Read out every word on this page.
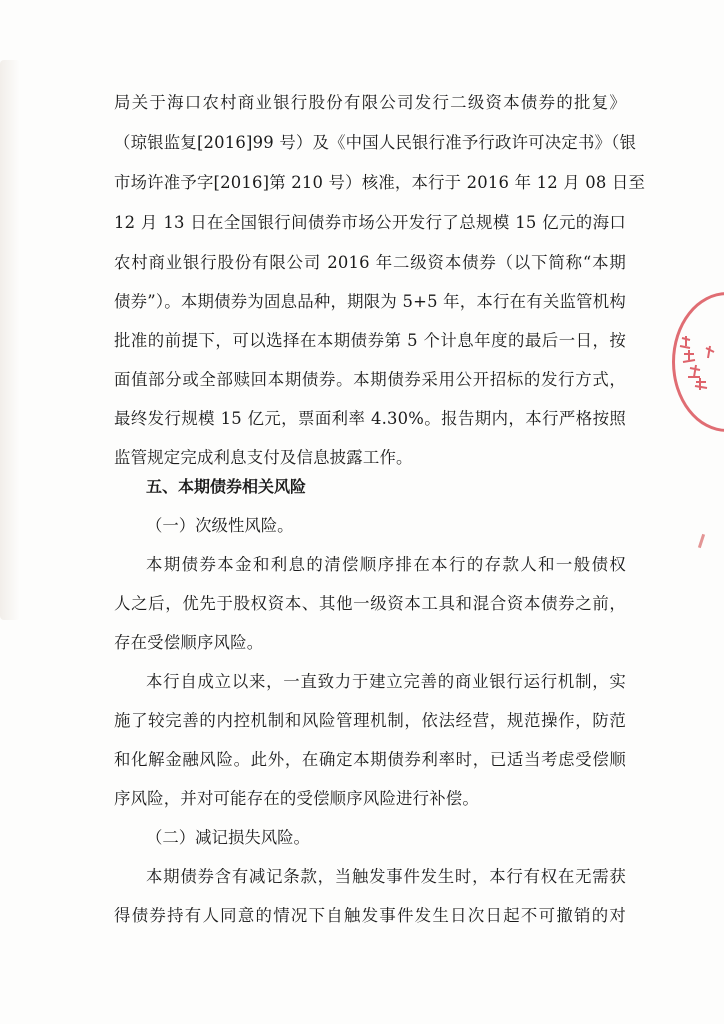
局关于海口农村商业银行股份有限公司发行二级资本债券的批复》
（琼银监复[2016]99 号）及《中国人民银行准予行政许可决定书》（银
市场许准予字[2016]第 210 号）核准，本行于 2016 年 12 月 08 日至
12 月 13 日在全国银行间债券市场公开发行了总规模 15 亿元的海口
农村商业银行股份有限公司 2016 年二级资本债券（以下简称“本期
债券”）。本期债券为固息品种，期限为 5+5 年，本行在有关监管机构
批准的前提下，可以选择在本期债券第 5 个计息年度的最后一日，按
面值部分或全部赎回本期债券。本期债券采用公开招标的发行方式，
最终发行规模 15 亿元，票面利率 4.30%。报告期内，本行严格按照
监管规定完成利息支付及信息披露工作。
五、本期债券相关风险
（一）次级性风险。
本期债券本金和利息的清偿顺序排在本行的存款人和一般债权
人之后，优先于股权资本、其他一级资本工具和混合资本债券之前，
存在受偿顺序风险。
本行自成立以来，一直致力于建立完善的商业银行运行机制，实
施了较完善的内控机制和风险管理机制，依法经营，规范操作，防范
和化解金融风险。此外，在确定本期债券利率时，已适当考虑受偿顺
序风险，并对可能存在的受偿顺序风险进行补偿。
（二）减记损失风险。
本期债券含有减记条款，当触发事件发生时，本行有权在无需获
得债券持有人同意的情况下自触发事件发生日次日起不可撤销的对
